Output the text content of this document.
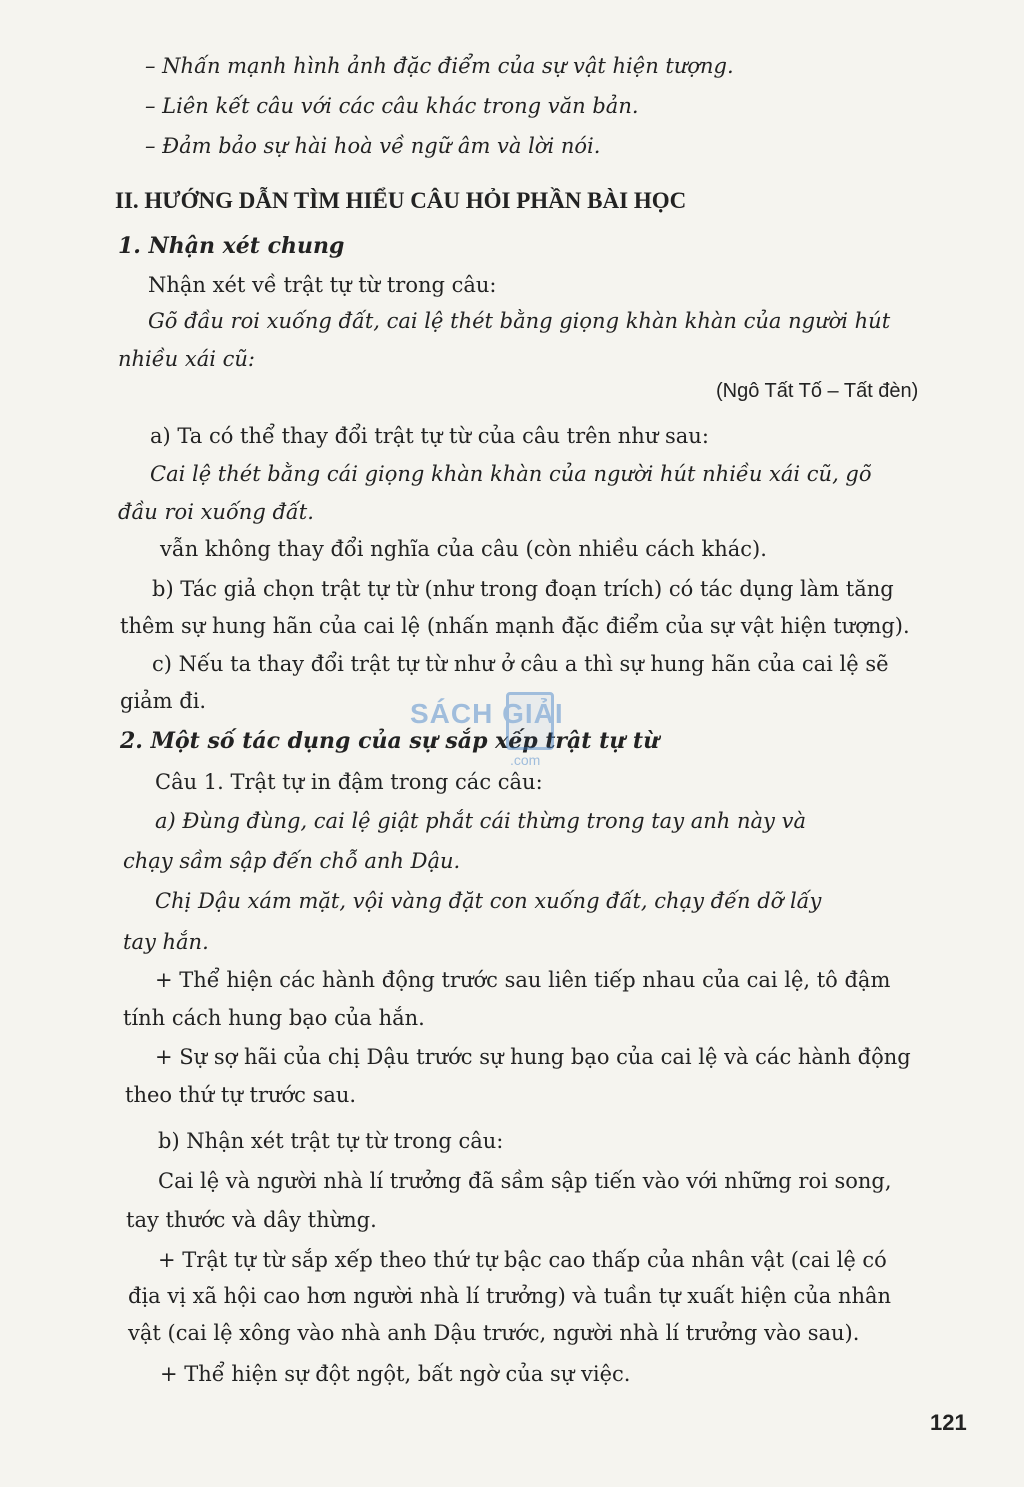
– Nhấn mạnh hình ảnh đặc điểm của sự vật hiện tượng.
– Liên kết câu với các câu khác trong văn bản.
– Đảm bảo sự hài hoà về ngữ âm và lời nói.
II. HƯỚNG DẪN TÌM HIỂU CÂU HỎI PHẦN BÀI HỌC
1. Nhận xét chung
Nhận xét về trật tự từ trong câu:
Gõ đầu roi xuống đất, cai lệ thét bằng giọng khàn khàn của người hút
nhiều xái cũ:
(Ngô Tất Tố – Tất đèn)
a) Ta có thể thay đổi trật tự từ của câu trên như sau:
Cai lệ thét bằng cái giọng khàn khàn của người hút nhiều xái cũ, gõ
đầu roi xuống đất.
vẫn không thay đổi nghĩa của câu (còn nhiều cách khác).
b) Tác giả chọn trật tự từ (như trong đoạn trích) có tác dụng làm tăng
thêm sự hung hãn của cai lệ (nhấn mạnh đặc điểm của sự vật hiện tượng).
c) Nếu ta thay đổi trật tự từ như ở câu a thì sự hung hãn của cai lệ sẽ
giảm đi.
2. Một số tác dụng của sự sắp xếp trật tự từ
Câu 1. Trật tự in đậm trong các câu:
a) Đùng đùng, cai lệ giật phắt cái thừng trong tay anh này và
chạy sầm sập đến chỗ anh Dậu.
Chị Dậu xám mặt, vội vàng đặt con xuống đất, chạy đến dỡ lấy
tay hắn.
+ Thể hiện các hành động trước sau liên tiếp nhau của cai lệ, tô đậm
tính cách hung bạo của hắn.
+ Sự sợ hãi của chị Dậu trước sự hung bạo của cai lệ và các hành động
theo thứ tự trước sau.
b) Nhận xét trật tự từ trong câu:
Cai lệ và người nhà lí trưởng đã sầm sập tiến vào với những roi song,
tay thước và dây thừng.
+ Trật tự từ sắp xếp theo thứ tự bậc cao thấp của nhân vật (cai lệ có
địa vị xã hội cao hơn người nhà lí trưởng) và tuần tự xuất hiện của nhân
vật (cai lệ xông vào nhà anh Dậu trước, người nhà lí trưởng vào sau).
+ Thể hiện sự đột ngột, bất ngờ của sự việc.
121
SÁCH GIẢI
.com
